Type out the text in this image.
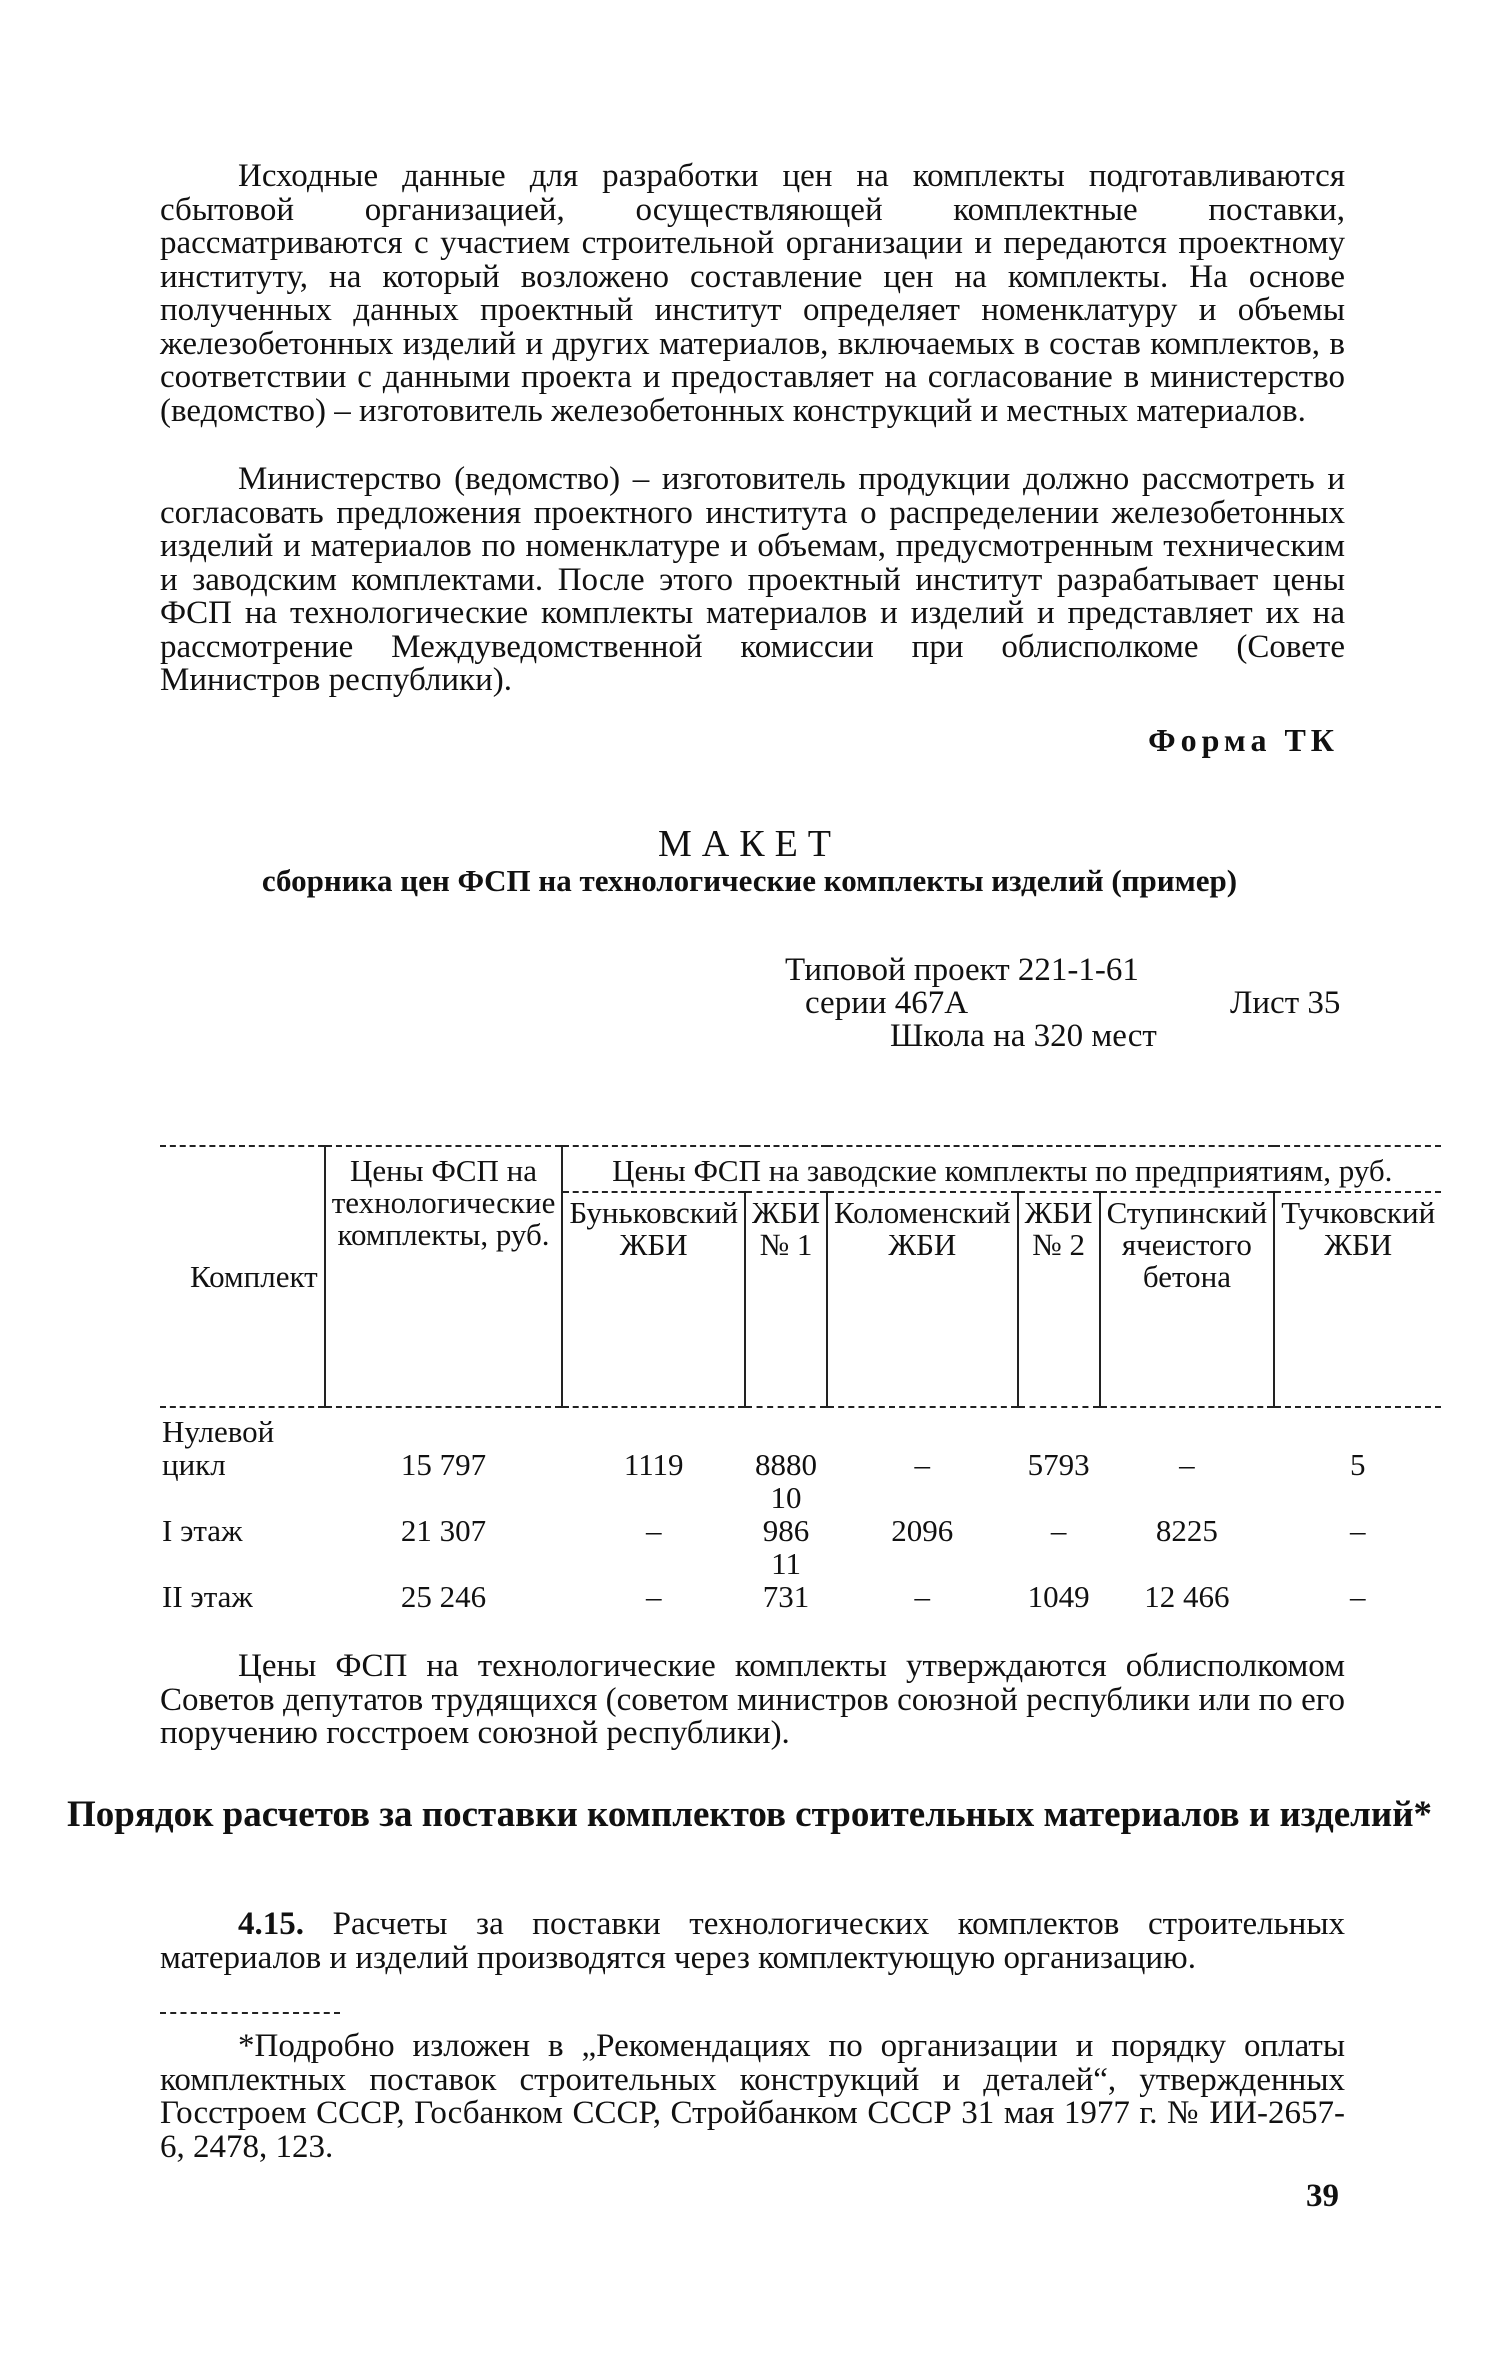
Исходные данные для разработки цен на комплекты подготавливаются сбытовой организацией, осуществляющей комплектные поставки, рассматриваются с участием строительной организации и передаются проектному институту, на который возложено составление цен на комплекты. На основе полученных данных проектный институт определяет номенклатуру и объемы железобетонных изделий и других материалов, включаемых в состав комплектов, в соответствии с данными проекта и предоставляет на согласование в министерство (ведомство) – изготовитель железобетонных конструкций и местных материалов.
Министерство (ведомство) – изготовитель продукции должно рассмотреть и согласовать предложения проектного института о распределении железобетонных изделий и материалов по номенклатуре и объемам, предусмотренным техническим и заводским комплектами. После этого проектный институт разрабатывает цены ФСП на технологические комплекты материалов и изделий и представляет их на рассмотрение Междуведомственной комиссии при облисполкоме (Совете Министров республики).
Форма ТК
МАКЕТ
сборника цен ФСП на технологические комплекты изделий (пример)
Типовой проект 221-1-61
серии 467А	Лист 35
Школа на 320 мест
Комплект	Цены ФСП на технологические комплекты, руб.	Цены ФСП на заводские комплекты по предприятиям, руб.					
		Буньковский ЖБИ	ЖБИ № 1	Коломенский ЖБИ	ЖБИ № 2	Ступинский ячеистого бетона	Тучковский ЖБИ

Нулевой цикл	15 797	1119	8880	–	5793	–	5
I этаж	21 307	–	10 986	2096	–	8225	–
II этаж	25 246	–	11 731	–	1049	12 466	–
Цены ФСП на технологические комплекты утверждаются облисполкомом Советов депутатов трудящихся (советом министров союзной республики или по его поручению госстроем союзной республики).
Порядок расчетов за поставки комплектов строительных материалов и изделий*
4.15. Расчеты за поставки технологических комплектов строительных материалов и изделий производятся через комплектующую организацию.
*Подробно изложен в „Рекомендациях по организации и порядку оплаты комплектных поставок строительных конструкций и деталей“, утвержденных Госстроем СССР, Госбанком СССР, Стройбанком СССР 31 мая 1977 г. № ИИ-2657-6, 2478, 123.
39
